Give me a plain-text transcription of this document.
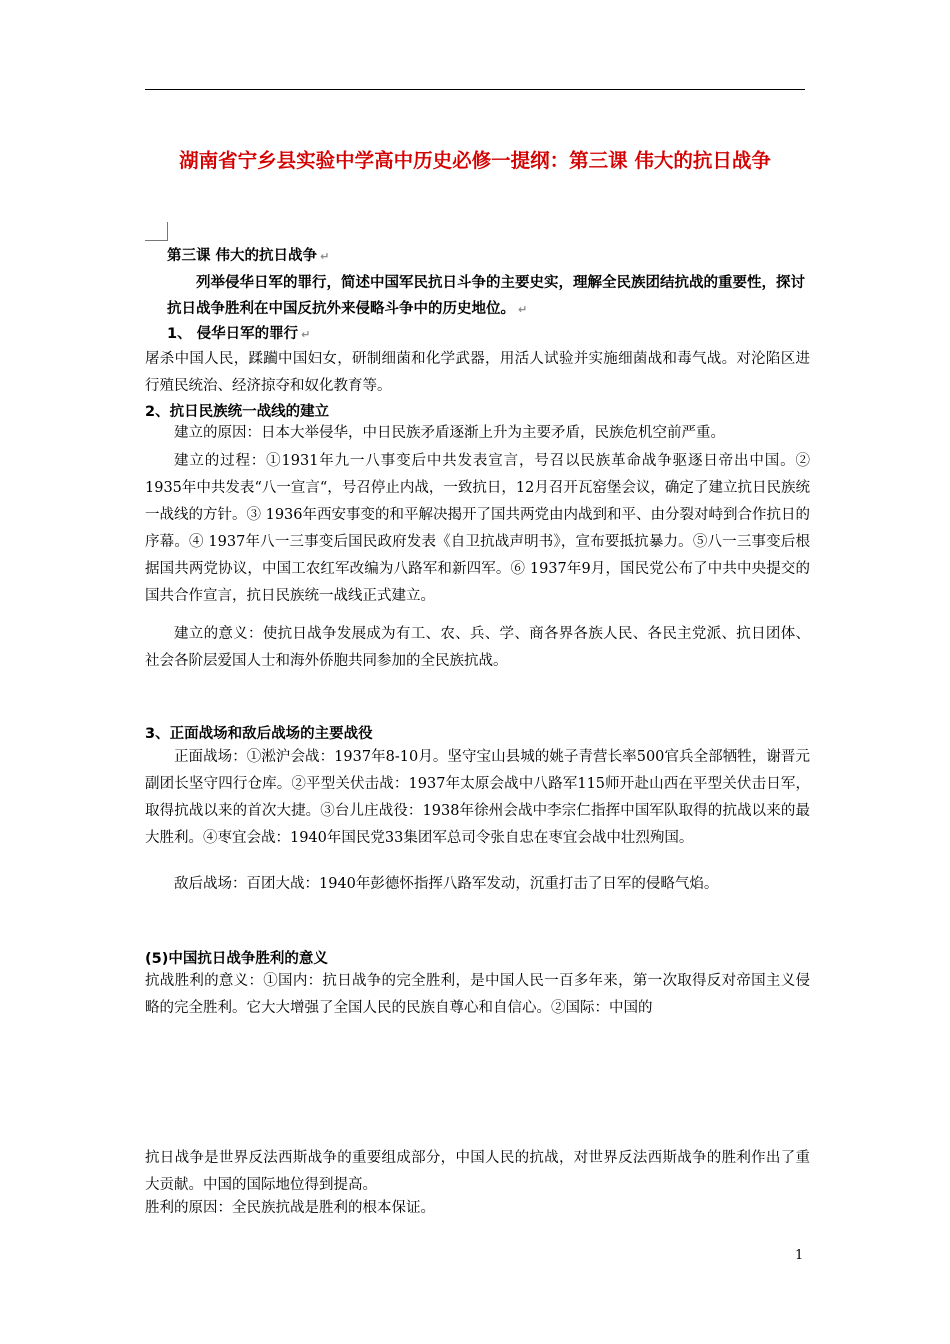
湖南省宁乡县实验中学高中历史必修一提纲：第三课 伟大的抗日战争
第三课 伟大的抗日战争 ↵
列举侵华日军的罪行，简述中国军民抗日斗争的主要史实，理解全民族团结抗战的重要性，探讨抗日战争胜利在中国反抗外来侵略斗争中的历史地位。 ↵
1、 侵华日军的罪行 ↵
屠杀中国人民，蹂躏中国妇女，研制细菌和化学武器，用活人试验并实施细菌战和毒气战。对沦陷区进行殖民统治、经济掠夺和奴化教育等。
2、抗日民族统一战线的建立
建立的原因：日本大举侵华，中日民族矛盾逐渐上升为主要矛盾，民族危机空前严重。
建立的过程：①1931年九一八事变后中共发表宣言，号召以民族革命战争驱逐日帝出中国。② 1935年中共发表“八一宣言“，号召停止内战，一致抗日，12月召开瓦窑堡会议，确定了建立抗日民族统一战线的方针。③ 1936年西安事变的和平解决揭开了国共两党由内战到和平、由分裂对峙到合作抗日的序幕。④ 1937年八一三事变后国民政府发表《自卫抗战声明书》，宣布要抵抗暴力。⑤八一三事变后根据国共两党协议，中国工农红军改编为八路军和新四军。⑥ 1937年9月，国民党公布了中共中央提交的国共合作宣言，抗日民族统一战线正式建立。
建立的意义：使抗日战争发展成为有工、农、兵、学、商各界各族人民、各民主党派、抗日团体、社会各阶层爱国人士和海外侨胞共同参加的全民族抗战。
3、正面战场和敌后战场的主要战役
正面战场：①淞沪会战：1937年8-10月。坚守宝山县城的姚子青营长率500官兵全部牺牲，谢晋元副团长坚守四行仓库。②平型关伏击战：1937年太原会战中八路军115师开赴山西在平型关伏击日军，取得抗战以来的首次大捷。③台儿庄战役：1938年徐州会战中李宗仁指挥中国军队取得的抗战以来的最大胜利。④枣宜会战：1940年国民党33集团军总司令张自忠在枣宜会战中壮烈殉国。
敌后战场：百团大战：1940年彭德怀指挥八路军发动，沉重打击了日军的侵略气焰。
(5)中国抗日战争胜利的意义
抗战胜利的意义：①国内：抗日战争的完全胜利，是中国人民一百多年来，第一次取得反对帝国主义侵略的完全胜利。它大大增强了全国人民的民族自尊心和自信心。②国际：中国的
抗日战争是世界反法西斯战争的重要组成部分，中国人民的抗战，对世界反法西斯战争的胜利作出了重大贡献。中国的国际地位得到提高。
胜利的原因：全民族抗战是胜利的根本保证。
1
